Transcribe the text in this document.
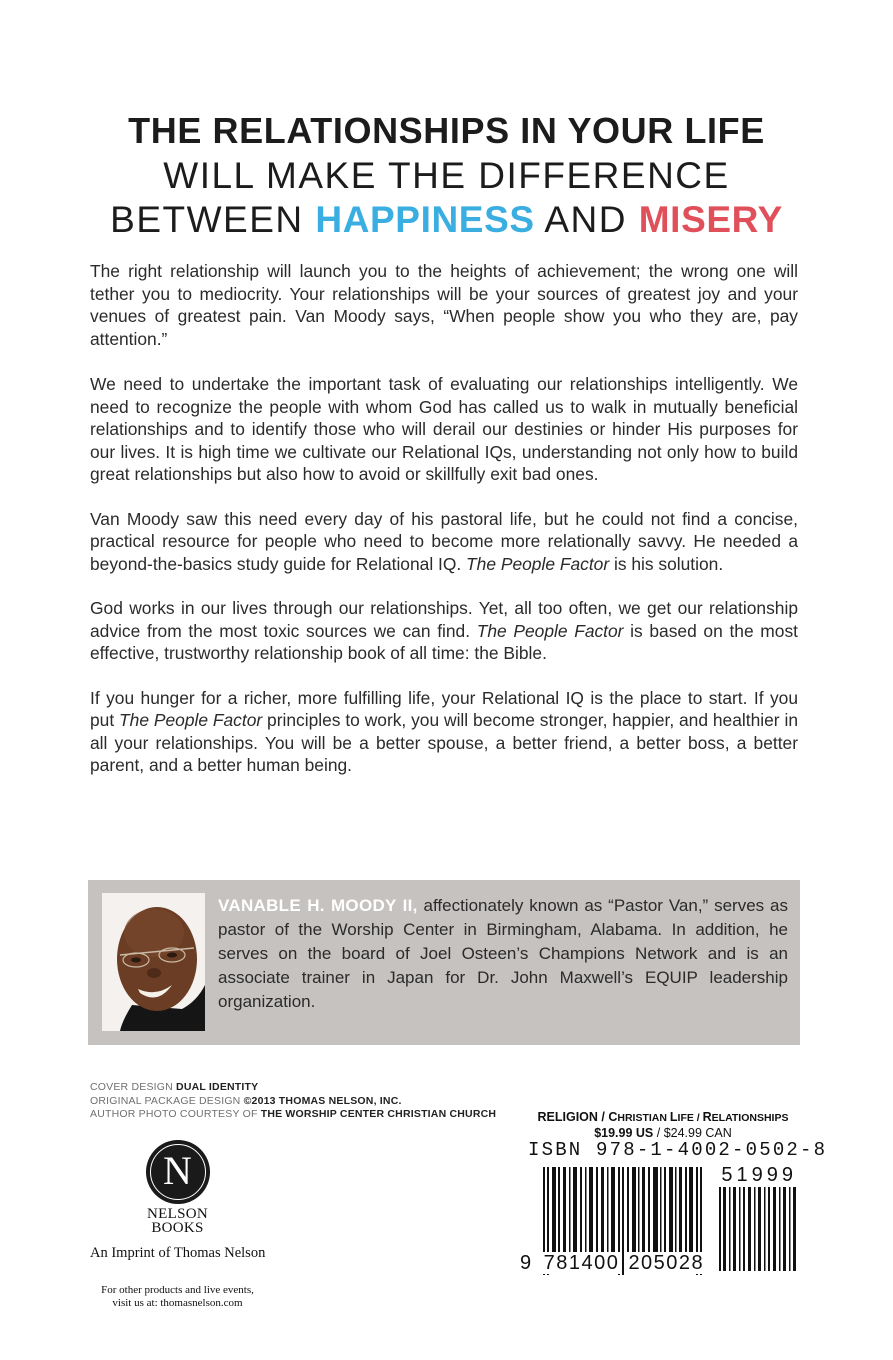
THE RELATIONSHIPS IN YOUR LIFE
WILL MAKE THE DIFFERENCE
BETWEEN HAPPINESS AND MISERY

The right relationship will launch you to the heights of achievement; the wrong one will tether you to mediocrity. Your relationships will be your sources of greatest joy and your venues of greatest pain. Van Moody says, “When people show you who they are, pay attention.”

We need to undertake the important task of evaluating our relationships intelligently. We need to recognize the people with whom God has called us to walk in mutually beneficial relationships and to identify those who will derail our destinies or hinder His purposes for our lives. It is high time we cultivate our Relational IQs, understanding not only how to build great relationships but also how to avoid or skillfully exit bad ones.

Van Moody saw this need every day of his pastoral life, but he could not find a concise, practical resource for people who need to become more relationally savvy. He needed a beyond-the-basics study guide for Relational IQ. The People Factor is his solution.

God works in our lives through our relationships. Yet, all too often, we get our relationship advice from the most toxic sources we can find. The People Factor is based on the most effective, trustworthy relationship book of all time: the Bible.

If you hunger for a richer, more fulfilling life, your Relational IQ is the place to start. If you put The People Factor principles to work, you will become stronger, happier, and healthier in all your relationships. You will be a better spouse, a better friend, a better boss, a better parent, and a better human being.

VANABLE H. MOODY II, affectionately known as “Pastor Van,” serves as pastor of the Worship Center in Birmingham, Alabama. In addition, he serves on the board of Joel Osteen’s Champions Network and is an associate trainer in Japan for Dr. John Maxwell’s EQUIP leadership organization.
COVER DESIGN DUAL IDENTITY
ORIGINAL PACKAGE DESIGN ©2013 THOMAS NELSON, INC.
AUTHOR PHOTO COURTESY OF THE WORSHIP CENTER CHRISTIAN CHURCH
N
NELSON
BOOKS
An Imprint of Thomas Nelson
For other products and live events,
visit us at: thomasnelson.com
RELIGION / CHRISTIAN LIFE / RELATIONSHIPS
$19.99 US / $24.99 CAN
ISBN 978-1-4002-0502-8
51999
9 781400 205028
